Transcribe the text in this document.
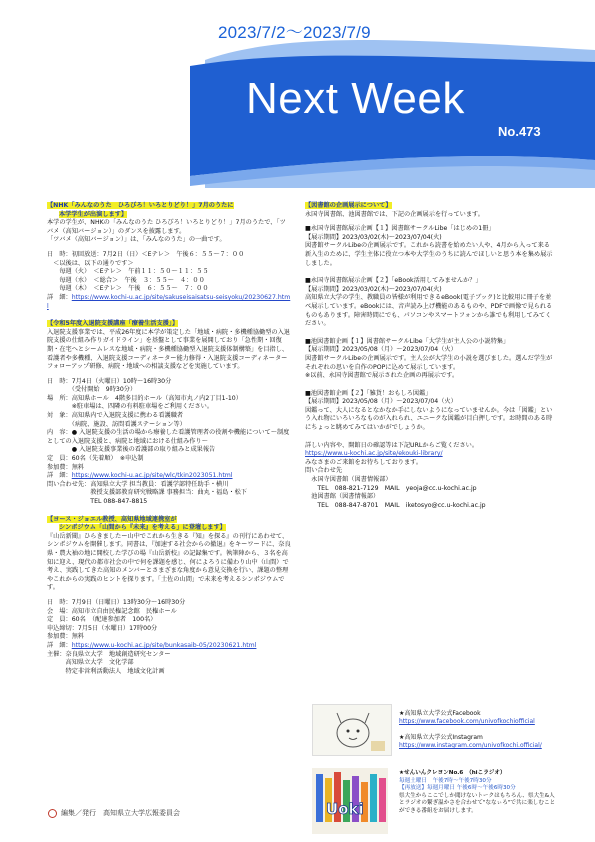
2023/7/2～2023/7/9
Next Week
No.473
【NHK「みんなのうた　ひろびろ！いろとりどり！」7月のうたに
本学学生が出演します】
本学の学生が、NHKの「みんなのうた ひろびろ！いろとりどり！」7月のうたで、「ツバメ（高知バージョン）」のダンスを披露します。
「ツバメ（高知バージョン）」は、「みんなのうた」の一曲です。
日　時：初回放送：7月2日（日）＜Eテレ＞　午後６：５５～７：００
　＜以後は、以下の通りです＞
　　毎週（火）　＜Eテレ＞　午前１１：５０～１１：５５
　　毎週（水）　＜総合＞　午後　３：５５～　４：００
　　毎週（木）　＜Eテレ＞　午後　６：５５～　７：００
詳　細：https://www.kochi-u.ac.jp/site/sakuseisaisatsu-seisyoku/20230627.html
【令和5年度入退院支援講座「療養生活支援」】
入退院支援事業では、平成26年度に本学が策定した「地域・病院・多機種協働型の入退院支援の仕組み作りガイドライン」を基盤として事業を展開しており「急性期・回復期・在宅へとシームレスな地域・病院・多機種協働型入退院支援体制構築」を目指し、看護者や多機種、入退院支援コーディネーター能力修得・入退院支援コーディネーターフォローアップ研修、病院・地域への相談支援などを実施しています。
日　時：7月4日（火曜日）10時～16時30分
　　　　（受付開始　9時30分）
場　所：高知県ホール　4階多目的ホール（高知市丸ノ内2丁目1-10）
　　　　※駐車場は、四隣の有料駐車場をご利用ください。
対　象：高知県内で入退院支援に携わる看護職者
　　　　（病院、施設、訪問看護ステーション等）
内　容：● 入退院支援の生活の場から療養した看護管理者の役割や機能について～制度としての入退院支援と、病院と地域における仕組み作り～
　　　　● 入退院支援事業後の看護部の取り組みと成果報告
定　員：60名（先着順）　※申込制
参加費：無料
詳　細：https://www.kochi-u.ac.jp/site/wlc/tkin2023051.html
問い合わせ先：高知県立大学 担当教員：看護学部特任助手・横川
　　　　　　　教授支援部教育研究戦略課 事務担当：曲丸・福島・松下
　　　　　　　TEL 088-847-8815
【ヨース・ジョエル教授、高知県地域連携室が
シンポジウム「山間から『未来』を考える」に登壇します】
『山岳新聞』ひらきましたー山中でこれから生きる『知』を探る』の刊行にあわせて、シンポジウムを開催します。同書は、『加速する社会からの撤退』をキーワードに、奈良県・農大袖の地に開校した学びの場『山岳新校』の記録集です。執筆陣から、３名を高知に迎え、現代の都市社会の中で何を課題を感じ、何によろうに備わり山中（山間）で考え、実践してきた高知のメンバーとさまざまな角度から意見交換を行い、課題の整理やこれからの実践のヒントを探ります。「土佐の山間」で未来を考えるシンポジウムです。
日　時：7月9日（日曜日）13時30分～16時30分
会　場：高知市立自由民権記念館　民権ホール
定　員：60名　（配達参加者　100名）
申込締切：7月5日（水曜日）17時00分
参加費：無料
詳　細：https://www.u-kochi.ac.jp/site/bunkasaib-05/20230621.html
主催：奈良県立大学　地域創造研究センター
　　　高知県立大学　文化学部
　　　特定非営利活動法人　地域文化計画
【図書館の企画展示について】
永国寺図書館、池図書館では、下記の企画展示を行っています。
■永国寺図書館展示企画【１】図書館サークルLibe「はじめの1冊」
【展示期間】2023/03/02(木)～2023/07/04(火)
図書館サークルLibeの企画展示です。これから読書を始めたい人や、4月から入って来る新入生のために、学生主体に役立つ本や大学生のうちに読んでほしいと思う本を集め展示しました。
■永国寺図書館展示企画【２】「eBook活用してみませんか？」
【展示期間】2023/03/02(木)～2023/07/04(火)
高知県立大学の学生、教職員の皆様が利用できるeBook(電子ブック)と比較用に冊子を並べ展示しています。eBookには、音声読み上げ機能のあるものや、PDFで画像で見られるものもあります。障害時間にでも、パソコンやスマートフォンから誰でも利用してみてください。
■池図書館企画【１】図書館サークルLibe「大学生が主人公の小説特集」
【展示期間】2023/05/08（月）～2023/07/04（火）
図書館サークルLibeの企画展示です。主人公が大学生の小説を選びました。選んだ学生がそれぞれの思いを自作のPOPに込めて展示しています。
※以前、永国寺図書館で展示された企画の再展示です。
■池図書館企画【２】「雑貨！おもしろ図鑑」
【展示期間】2023/05/08（月）～2023/07/04（火）
図鑑って、大人になるとなかなか手にしないようになっていませんか。今は「図鑑」という入れ物にいろいろなものが入れられ、ユニークな図鑑が目白押しです。お時間のある時にちょっと眺めてみてはいかがでしょうか。
詳しい内容や、開館日の確認等は下記URLからご覧ください。
https://www.u-kochi.ac.jp/site/ekouki-library/
みなさまのご来館をお待ちしております。
問い合わせ先
　永国寺図書館（図書情報部）
　　TEL　088-821-7129　MAIL　yeoja@cc.u-kochi.ac.jp
　池図書館（図書情報部）
　　TEL　088-847-8701　MAIL　iketosyo@cc.u-kochi.ac.jp
★高知県立大学公式Facebook
https://www.facebook.com/univofkochiofficial
★高知県立大学公式Instagram
https://www.instagram.com/univofkochi.official/
Uoki
★せんいんクレヨンNo.6　（hiこラジオ）
毎週土曜日　午後7時～午後7時30分
【再放送】毎週月曜日 午後6時～午後6時30分
県大生からここでしか聞けないトークはもちろん、県大生&人とラジオの繋ぎ温かさを合わせて"ななぃろ"で共に楽しむことができる番組をお届けします。
編集／発行　高知県立大学広報委員会
